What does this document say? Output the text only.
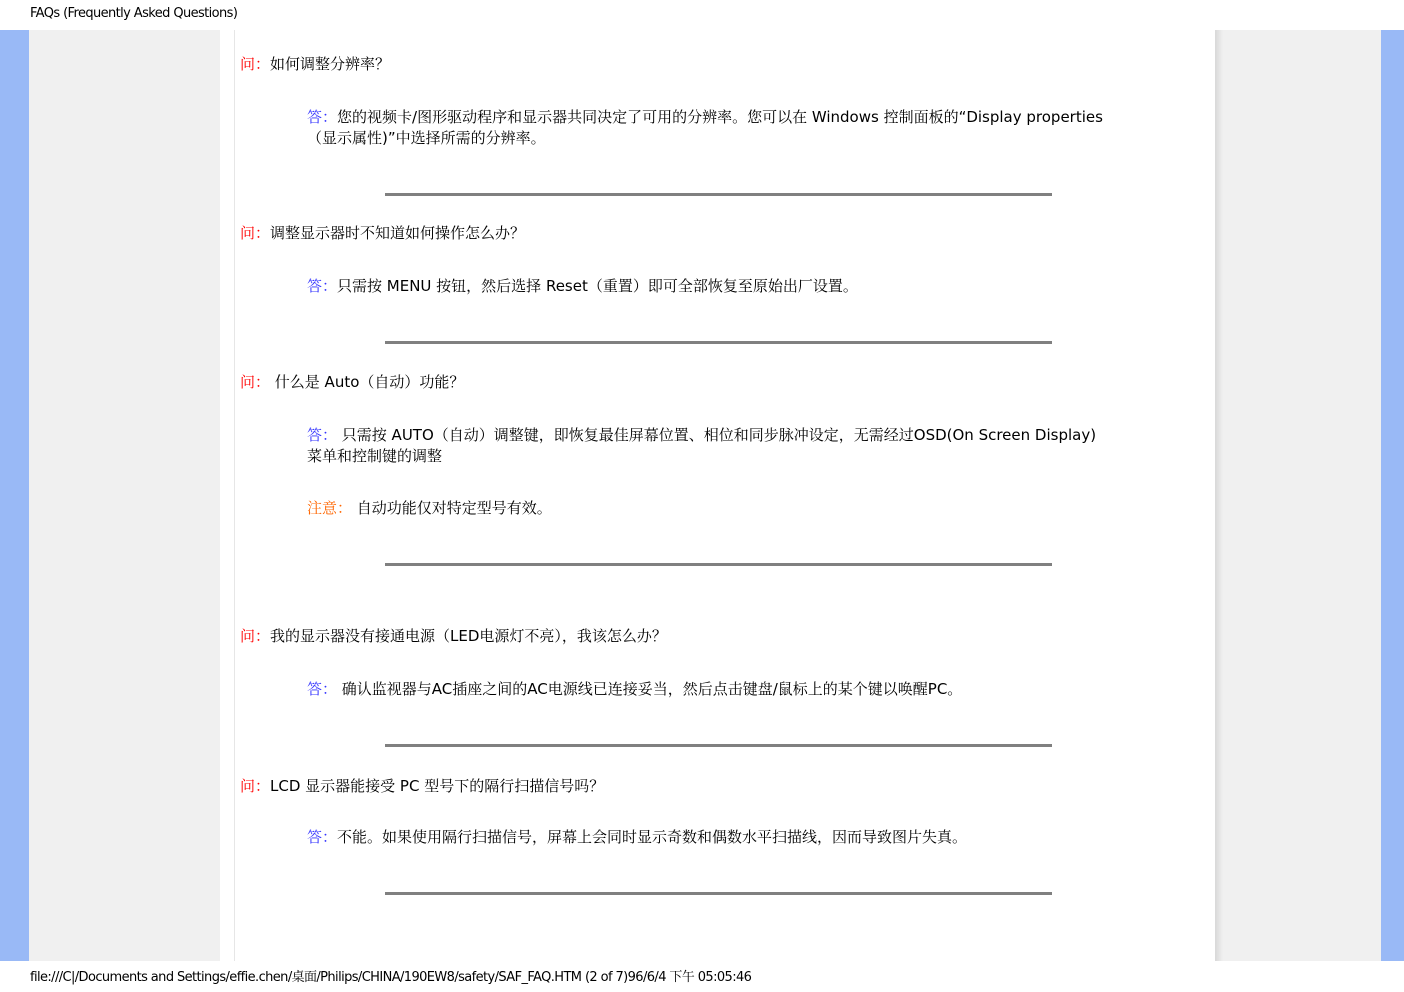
FAQs (Frequently Asked Questions)
问：如何调整分辨率？
答：您的视频卡/图形驱动程序和显示器共同决定了可用的分辨率。您可以在 Windows 控制面板的“Display properties（显示属性)”中选择所需的分辨率。
问：调整显示器时不知道如何操作怎么办？
答：只需按 MENU 按钮，然后选择 Reset（重置）即可全部恢复至原始出厂设置。
问： 什么是 Auto（自动）功能？
答： 只需按 AUTO（自动）调整键，即恢复最佳屏幕位置、相位和同步脉冲设定，无需经过OSD(On Screen Display) 菜单和控制键的调整
注意： 自动功能仅对特定型号有效。
问：我的显示器没有接通电源（LED电源灯不亮），我该怎么办？
答： 确认监视器与AC插座之间的AC电源线已连接妥当，然后点击键盘/鼠标上的某个键以唤醒PC。
问：LCD 显示器能接受 PC 型号下的隔行扫描信号吗？
答：不能。如果使用隔行扫描信号，屏幕上会同时显示奇数和偶数水平扫描线，因而导致图片失真。
file:///C|/Documents and Settings/effie.chen/桌面/Philips/CHINA/190EW8/safety/SAF_FAQ.HTM (2 of 7)96/6/4 下午 05:05:46
